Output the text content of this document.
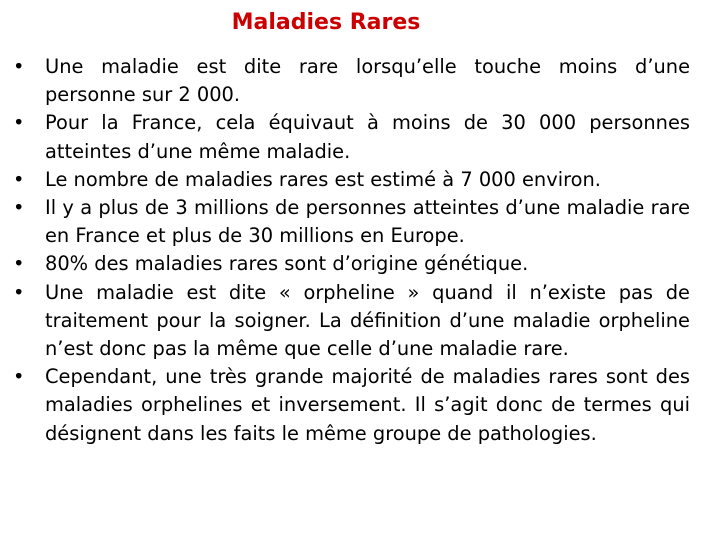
Maladies Rares
• Une maladie est dite rare lorsqu’elle touche moins d’une personne sur 2 000.
• Pour la France, cela équivaut à moins de 30 000 personnes atteintes d’une même maladie.
• Le nombre de maladies rares est estimé à 7 000 environ.
• Il y a plus de 3 millions de personnes atteintes d’une maladie rare en France et plus de 30 millions en Europe.
• 80% des maladies rares sont d’origine génétique.
• Une maladie est dite « orpheline » quand il n’existe pas de traitement pour la soigner. La définition d’une maladie orpheline n’est donc pas la même que celle d’une maladie rare.
• Cependant, une très grande majorité de maladies rares sont des maladies orphelines et inversement. Il s’agit donc de termes qui désignent dans les faits le même groupe de pathologies.
